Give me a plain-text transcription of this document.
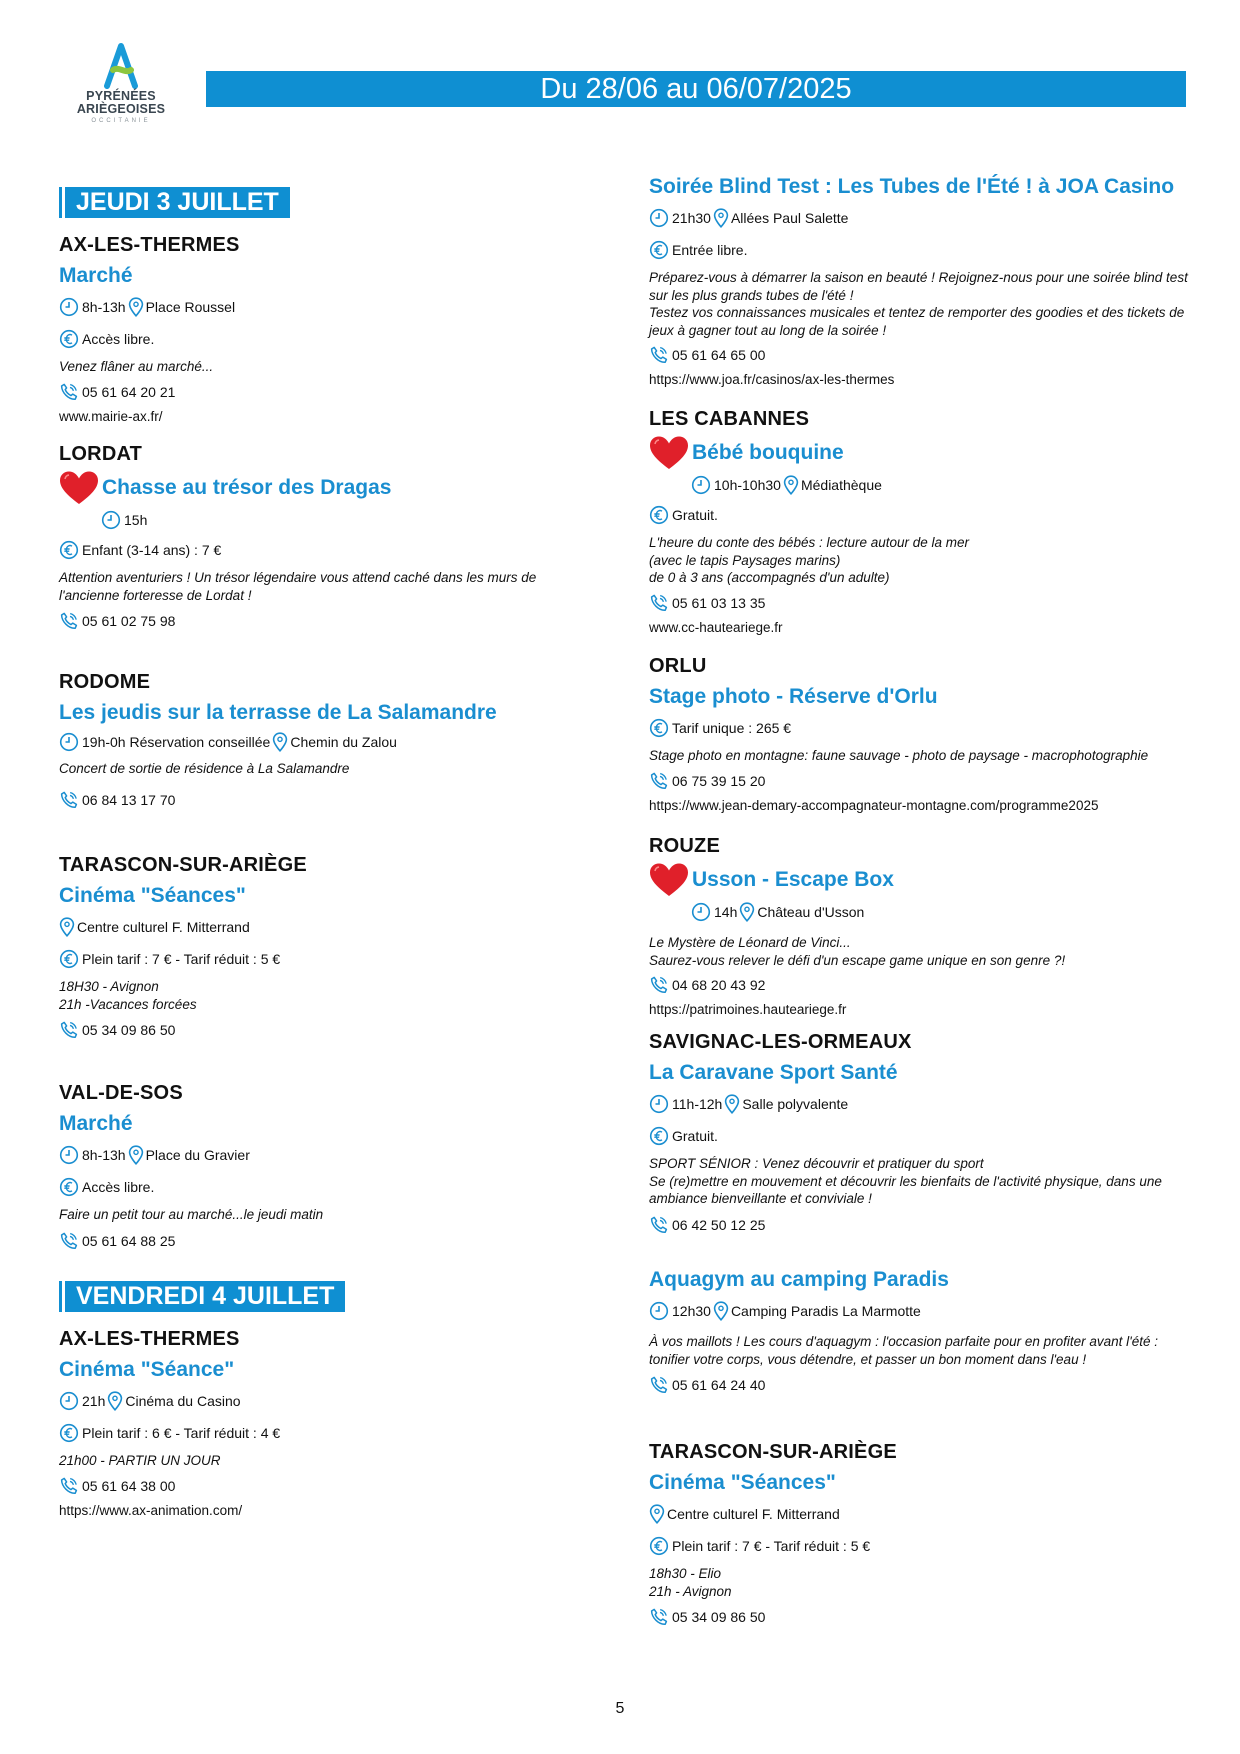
PYRÉNÉES
ARIÈGEOISES
OCCITANIE
Du 28/06 au 06/07/2025
JEUDI 3 JUILLET
AX-LES-THERMES
Marché
8h-13h Place Roussel
Accès libre.
Venez flâner au marché...
05 61 64 20 21
www.mairie-ax.fr/
LORDAT
Chasse au trésor des Dragas
15h
Enfant (3-14 ans) : 7 €
Attention aventuriers ! Un trésor légendaire vous attend caché dans les murs de l'ancienne forteresse de Lordat !
05 61 02 75 98
RODOME
Les jeudis sur la terrasse de La Salamandre
19h-0h Réservation conseillée Chemin du Zalou
Concert de sortie de résidence à La Salamandre
06 84 13 17 70
TARASCON-SUR-ARIÈGE
Cinéma "Séances"
Centre culturel F. Mitterrand
Plein tarif : 7 € - Tarif réduit : 5 €
18H30 - Avignon
21h -Vacances forcées
05 34 09 86 50
VAL-DE-SOS
Marché
8h-13h Place du Gravier
Accès libre.
Faire un petit tour au marché...le jeudi matin
05 61 64 88 25
VENDREDI 4 JUILLET
AX-LES-THERMES
Cinéma "Séance"
21h Cinéma du Casino
Plein tarif : 6 € - Tarif réduit : 4 €
21h00 - PARTIR UN JOUR
05 61 64 38 00
https://www.ax-animation.com/
Soirée Blind Test : Les Tubes de l'Été ! à JOA Casino
21h30 Allées Paul Salette
Entrée libre.
Préparez-vous à démarrer la saison en beauté ! Rejoignez-nous pour une soirée blind test sur les plus grands tubes de l'été !
Testez vos connaissances musicales et tentez de remporter des goodies et des tickets de jeux à gagner tout au long de la soirée !
05 61 64 65 00
https://www.joa.fr/casinos/ax-les-thermes
LES CABANNES
Bébé bouquine
10h-10h30 Médiathèque
Gratuit.
L'heure du conte des bébés : lecture autour de la mer
(avec le tapis Paysages marins)
de 0 à 3 ans (accompagnés d'un adulte)
05 61 03 13 35
www.cc-hauteariege.fr
ORLU
Stage photo - Réserve d'Orlu
Tarif unique : 265 €
Stage photo en montagne: faune sauvage - photo de paysage - macrophotographie
06 75 39 15 20
https://www.jean-demary-accompagnateur-montagne.com/programme2025
ROUZE
Usson - Escape Box
14h Château d'Usson
Le Mystère de Léonard de Vinci...
Saurez-vous relever le défi d'un escape game unique en son genre ?!
04 68 20 43 92
https://patrimoines.hauteariege.fr
SAVIGNAC-LES-ORMEAUX
La Caravane Sport Santé
11h-12h Salle polyvalente
Gratuit.
SPORT SÉNIOR : Venez découvrir et pratiquer du sport
Se (re)mettre en mouvement et découvrir les bienfaits de l'activité physique, dans une ambiance bienveillante et conviviale !
06 42 50 12 25
Aquagym au camping Paradis
12h30 Camping Paradis La Marmotte
À vos maillots ! Les cours d'aquagym : l'occasion parfaite pour en profiter avant l'été : tonifier votre corps, vous détendre, et passer un bon moment dans l'eau !
05 61 64 24 40
TARASCON-SUR-ARIÈGE
Cinéma "Séances"
Centre culturel F. Mitterrand
Plein tarif : 7 € - Tarif réduit : 5 €
18h30 - Elio
21h - Avignon
05 34 09 86 50
5
